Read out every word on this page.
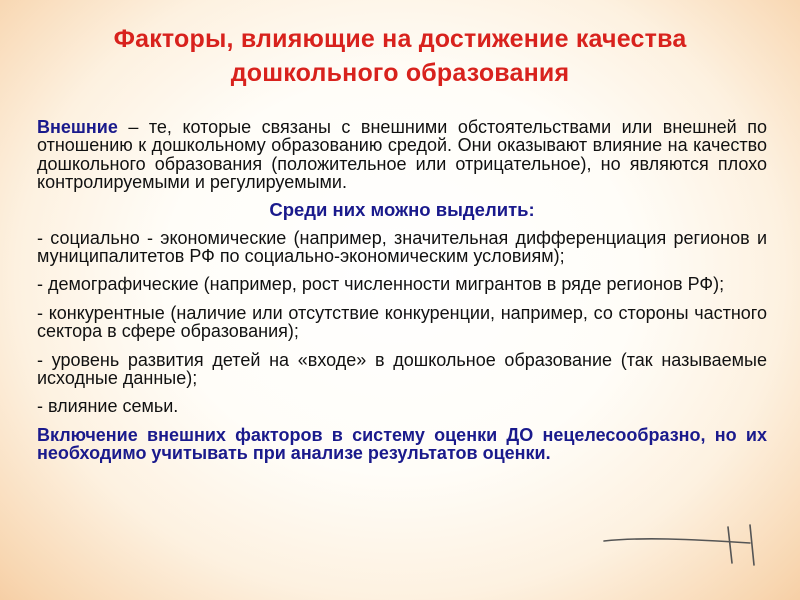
Факторы, влияющие на достижение качества
дошкольного образования

Внешние – те, которые связаны с внешними обстоятельствами или внешней по отношению к дошкольному образованию средой. Они оказывают влияние на качество дошкольного образования (положительное или отрицательное), но являются плохо контролируемыми и регулируемыми.

Среди них можно выделить:

- социально - экономические (например, значительная дифференциация регионов и муниципалитетов РФ по социально-экономическим условиям);

- демографические (например, рост численности мигрантов в ряде регионов РФ);

- конкурентные (наличие или отсутствие конкуренции, например, со стороны частного сектора в сфере образования);

- уровень развития детей на «входе» в дошкольное образование (так называемые исходные данные);

- влияние семьи.

Включение внешних факторов в систему оценки ДО нецелесообразно, но их необходимо учитывать при анализе результатов оценки.
